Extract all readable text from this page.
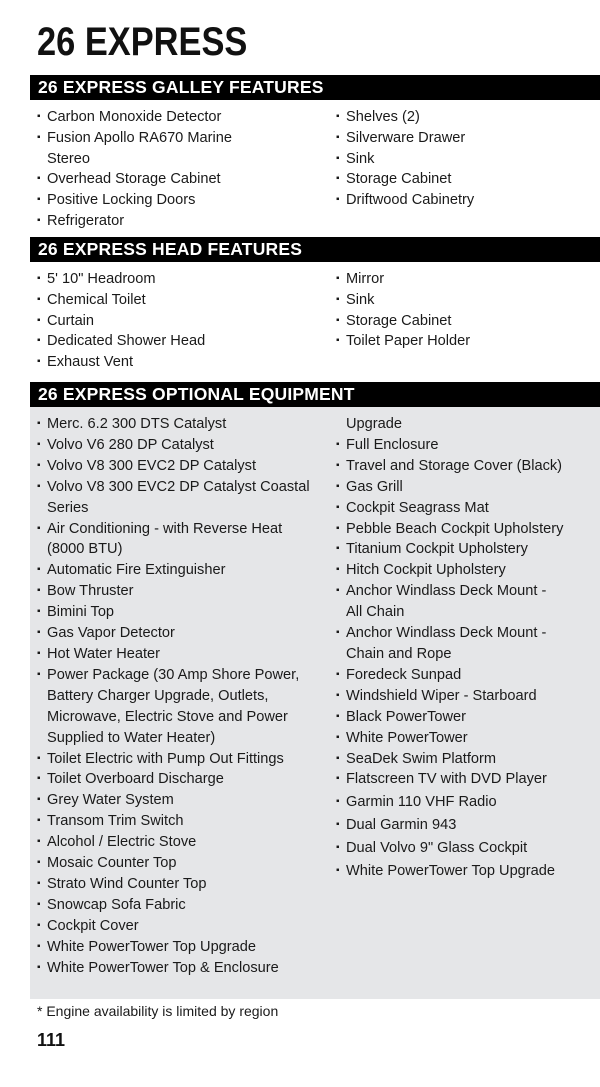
26 EXPRESS
26 EXPRESS GALLEY FEATURES
▪ Carbon Monoxide Detector
▪ Fusion Apollo RA670 Marine
Stereo
▪ Overhead Storage Cabinet
▪ Positive Locking Doors
▪ Refrigerator
▪ Shelves (2)
▪ Silverware Drawer
▪ Sink
▪ Storage Cabinet
▪ Driftwood Cabinetry
26 EXPRESS HEAD FEATURES
▪ 5' 10" Headroom
▪ Chemical Toilet
▪ Curtain
▪ Dedicated Shower Head
▪ Exhaust Vent
▪ Mirror
▪ Sink
▪ Storage Cabinet
▪ Toilet Paper Holder
26 EXPRESS OPTIONAL EQUIPMENT
▪ Merc. 6.2 300 DTS Catalyst
▪ Volvo V6 280 DP Catalyst
▪ Volvo V8 300 EVC2 DP Catalyst
▪ Volvo V8 300 EVC2 DP Catalyst Coastal
Series
▪ Air Conditioning - with Reverse Heat
(8000 BTU)
▪ Automatic Fire Extinguisher
▪ Bow Thruster
▪ Bimini Top
▪ Gas Vapor Detector
▪ Hot Water Heater
▪ Power Package (30 Amp Shore Power,
Battery Charger Upgrade, Outlets,
Microwave, Electric Stove and Power
Supplied to Water Heater)
▪ Toilet Electric with Pump Out Fittings
▪ Toilet Overboard Discharge
▪ Grey Water System
▪ Transom Trim Switch
▪ Alcohol / Electric Stove
▪ Mosaic Counter Top
▪ Strato Wind Counter Top
▪ Snowcap Sofa Fabric
▪ Cockpit Cover
▪ White PowerTower Top Upgrade
▪ White PowerTower Top & Enclosure
Upgrade
▪ Full Enclosure
▪ Travel and Storage Cover (Black)
▪ Gas Grill
▪ Cockpit Seagrass Mat
▪ Pebble Beach Cockpit Upholstery
▪ Titanium Cockpit Upholstery
▪ Hitch Cockpit Upholstery
▪ Anchor Windlass Deck Mount -
All Chain
▪ Anchor Windlass Deck Mount -
Chain and Rope
▪ Foredeck Sunpad
▪ Windshield Wiper - Starboard
▪ Black PowerTower
▪ White PowerTower
▪ SeaDek Swim Platform
▪ Flatscreen TV with DVD Player
▪ Garmin 110 VHF Radio
▪ Dual Garmin 943
▪ Dual Volvo 9" Glass Cockpit
▪ White PowerTower Top Upgrade
* Engine availability is limited by region
111
